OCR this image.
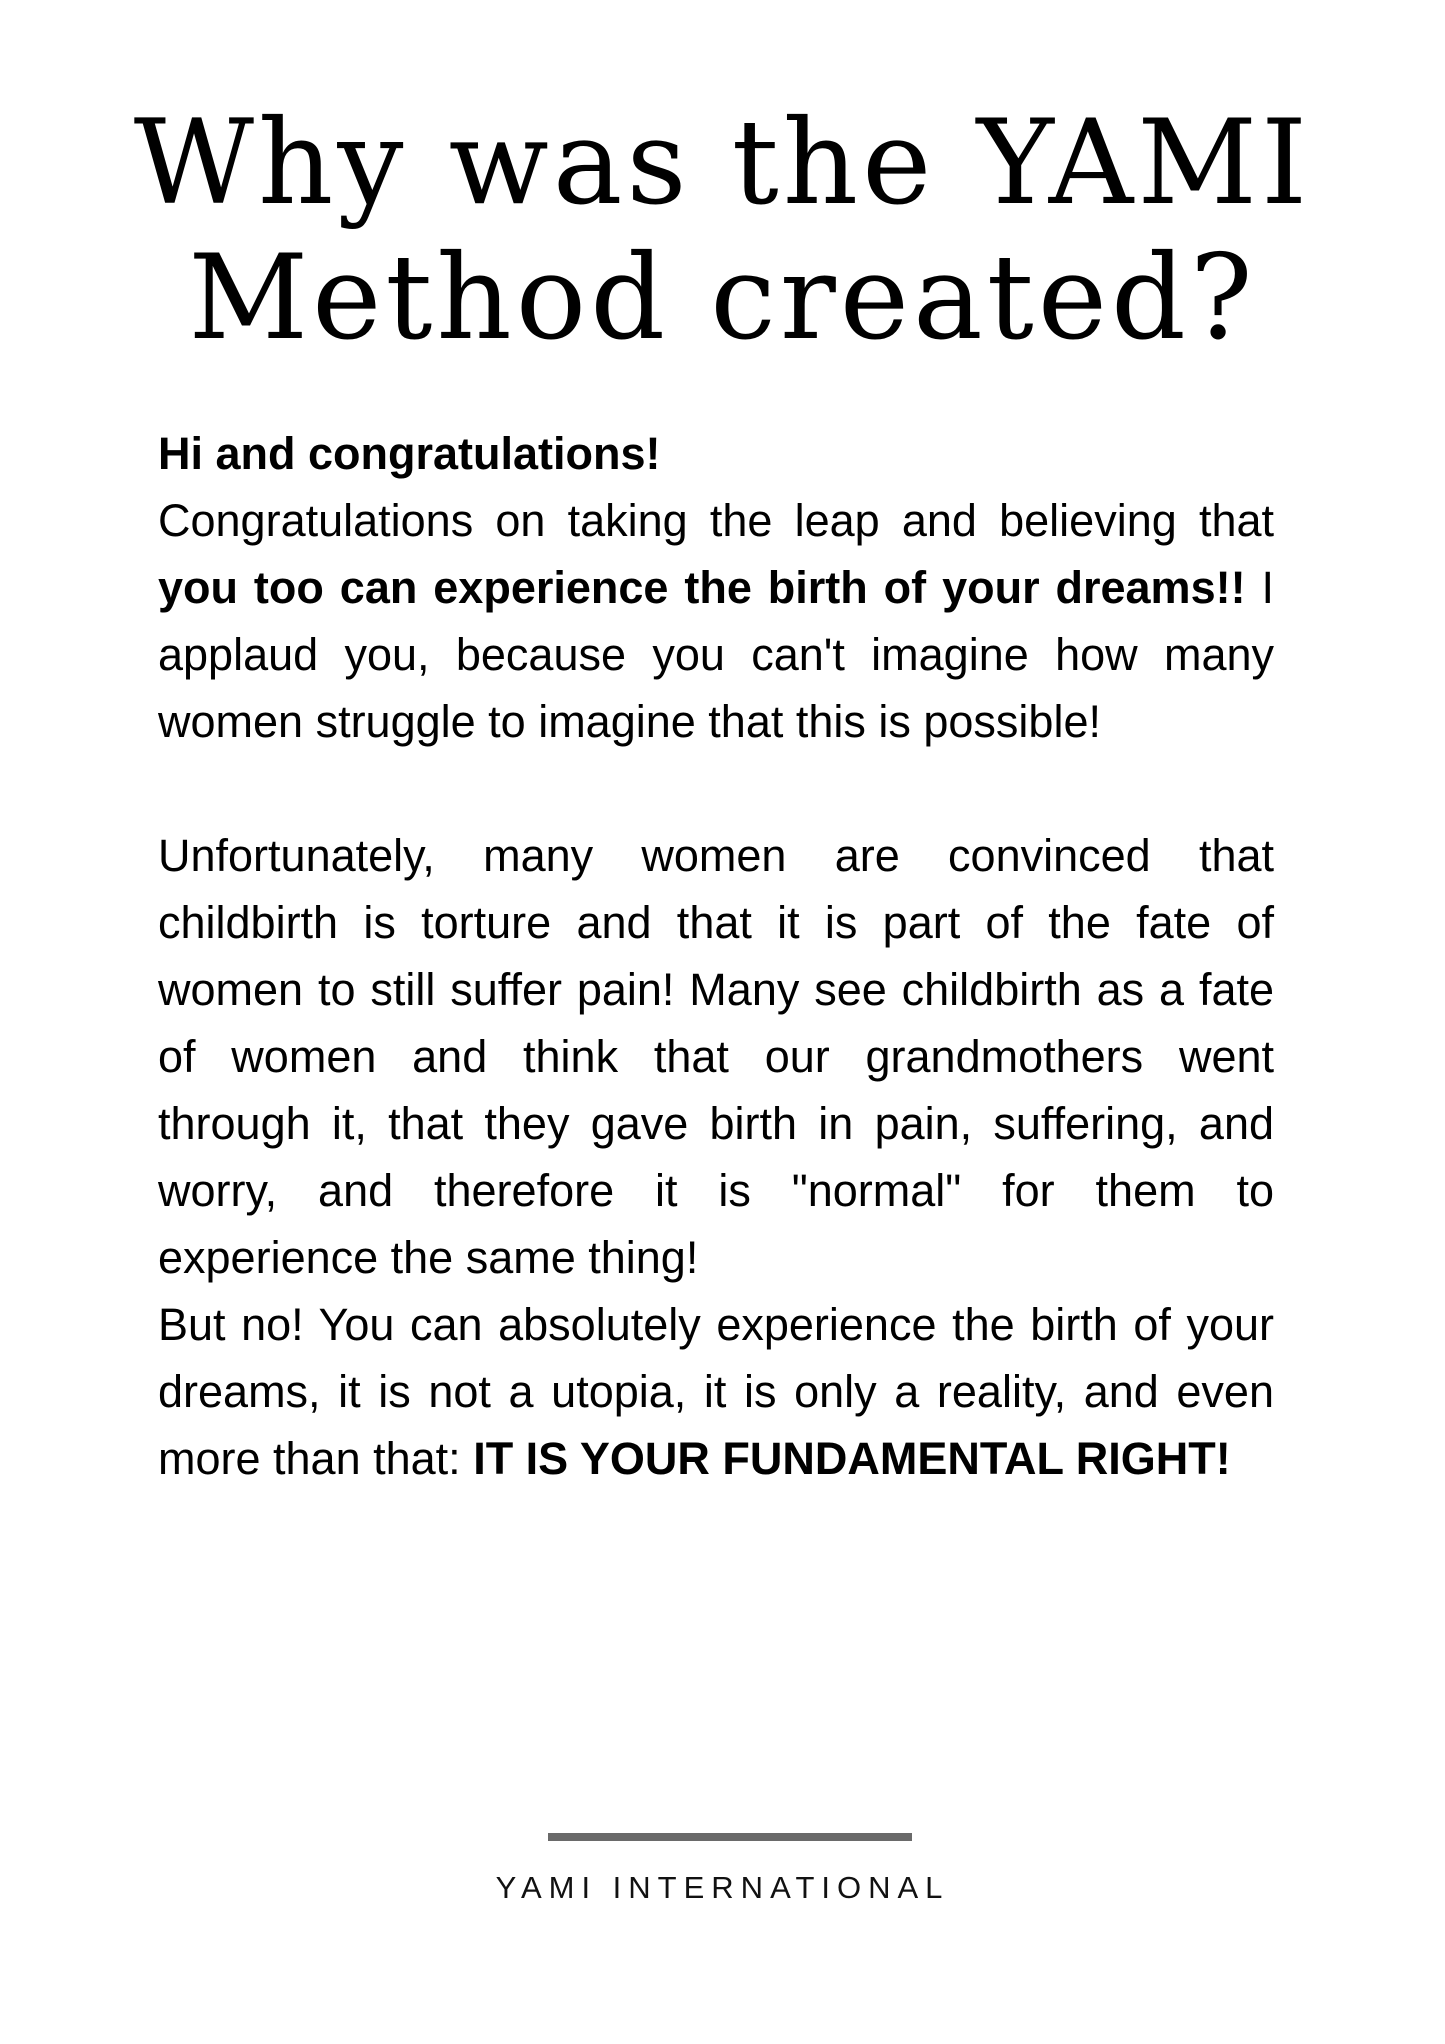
Why was the YAMI
Method created?

Hi and congratulations!

Congratulations on taking the leap and believing that you too can experience the birth of your dreams!! I applaud you, because you can't imagine how many women struggle to imagine that this is possible!

Unfortunately, many women are convinced that childbirth is torture and that it is part of the fate of women to still suffer pain! Many see childbirth as a fate of women and think that our grandmothers went through it, that they gave birth in pain, suffering, and worry, and therefore it is "normal" for them to experience the same thing!

But no! You can absolutely experience the birth of your dreams, it is not a utopia, it is only a reality, and even more than that: IT IS YOUR FUNDAMENTAL RIGHT!

YAMI INTERNATIONAL
